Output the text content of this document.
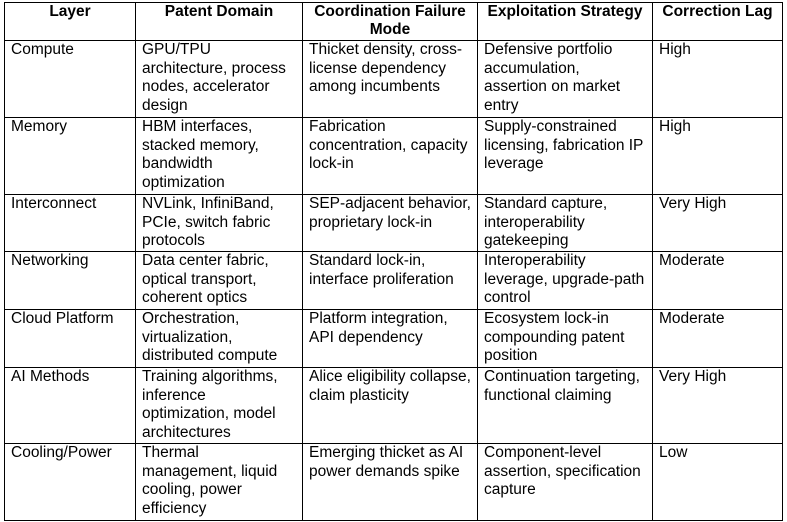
Layer	Patent Domain	Coordination Failure Mode	Exploitation Strategy	Correction Lag
Compute	GPU/TPU architecture, process nodes, accelerator design	Thicket density, cross-license dependency among incumbents	Defensive portfolio accumulation, assertion on market entry	High
Memory	HBM interfaces, stacked memory, bandwidth optimization	Fabrication concentration, capacity lock-in	Supply-constrained licensing, fabrication IP leverage	High
Interconnect	NVLink, InfiniBand, PCIe, switch fabric protocols	SEP-adjacent behavior, proprietary lock-in	Standard capture, interoperability gatekeeping	Very High
Networking	Data center fabric, optical transport, coherent optics	Standard lock-in, interface proliferation	Interoperability leverage, upgrade-path control	Moderate
Cloud Platform	Orchestration, virtualization, distributed compute	Platform integration, API dependency	Ecosystem lock-in compounding patent position	Moderate
AI Methods	Training algorithms, inference optimization, model architectures	Alice eligibility collapse, claim plasticity	Continuation targeting, functional claiming	Very High
Cooling/Power	Thermal management, liquid cooling, power efficiency	Emerging thicket as AI power demands spike	Component-level assertion, specification capture	Low
